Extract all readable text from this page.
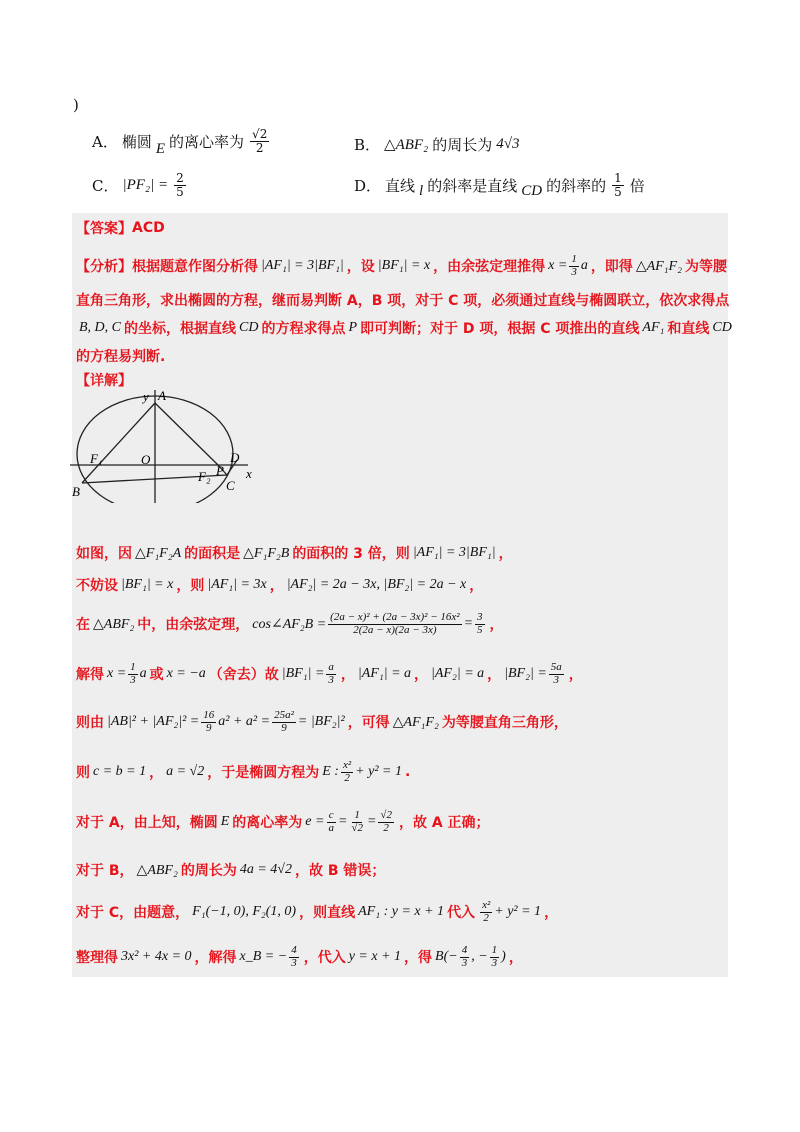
)
A． 椭圆 E 的离心率为 $\frac{√2}{2}$	B． △ABF₂ 的周长为 4√3
C． $|PF_2| = \frac{2}{5}$	D． 直线 l 的斜率是直线 CD 的斜率的 $\frac{1}{5}$ 倍
【答案】 ACD
【分析】根据题意作图分析得 |AF₁| = 3|BF₁| ，设 |BF₁| = x ，由余弦定理推得 $x = \frac{1}{3}$ a ，即得 △AF₁F₂ 为等腰
直角三角形，求出椭圆的方程，继而易判断 A，B 项，对于 C 项，必须通过直线与椭圆联立，依次求得点
B, D, C 的坐标，根据直线 CD 的方程求得点 P 即可判断；对于 D 项，根据 C 项推出的直线 AF₁ 和直线 CD
的方程易判断.
【详解】
y A
F₁	O	D
x
F₂ P
B	C
如图，因 △F₁F₂A 的面积是 △F₁F₂B 的面积的 3 倍，则 |AF₁| = 3|BF₁| ，
不妨设 |BF₁| = x ，则 |AF₁| = 3x ， |AF₂| = 2a − 3x, |BF₂| = 2a − x ，
在 △ABF₂ 中，由余弦定理， cos∠AF₂B = $\frac{\text{(2a − x)² + (2a − 3x)² − 16x²}}{2(2a - x)(2a - 3x)} = \frac{3}{5}$ ，
解得 $x = \frac{1}{3}$ a 或 x = −a （舍去）故 $|BF_1| = \frac{a}{3}$ ， |AF₁| = a ， |AF₂| = a ， $|BF_2| = \frac{5a}{3}$ ，
则由 $|AB|^2 + |AF_2|^2 = \frac{16}{9} a^2 + a^2 = \frac{\text{25a²}}{9} = |BF_2|^2$ ，可得 △AF₁F₂ 为等腰直角三角形，
则 c = b = 1 ， a = √2 ，于是椭圆方程为 E : $\frac{\text{x²}}{2} + y^2 = 1$ .
对于 A，由上知，椭圆 E 的离心率为 $e = \frac{c}{a} = \frac{1}{√2} = \frac{√2}{2}$ ，故 A 正确；
对于 B， △ABF₂ 的周长为 4a = 4√2 ，故 B 错误；
对于 C，由题意， F₁(−1, 0), F₂(1, 0) ，则直线 AF₁ : y = x + 1 代入 $\frac{\text{x²}}{2} + y^2 = 1$ ，
整理得 3x² + 4x = 0 ，解得 x_B = − $\frac{4}{3}$ ，代入 y = x + 1 ，得 $B(- \frac{4}{3}$ , − $\frac{1}{3}$ ) ，
